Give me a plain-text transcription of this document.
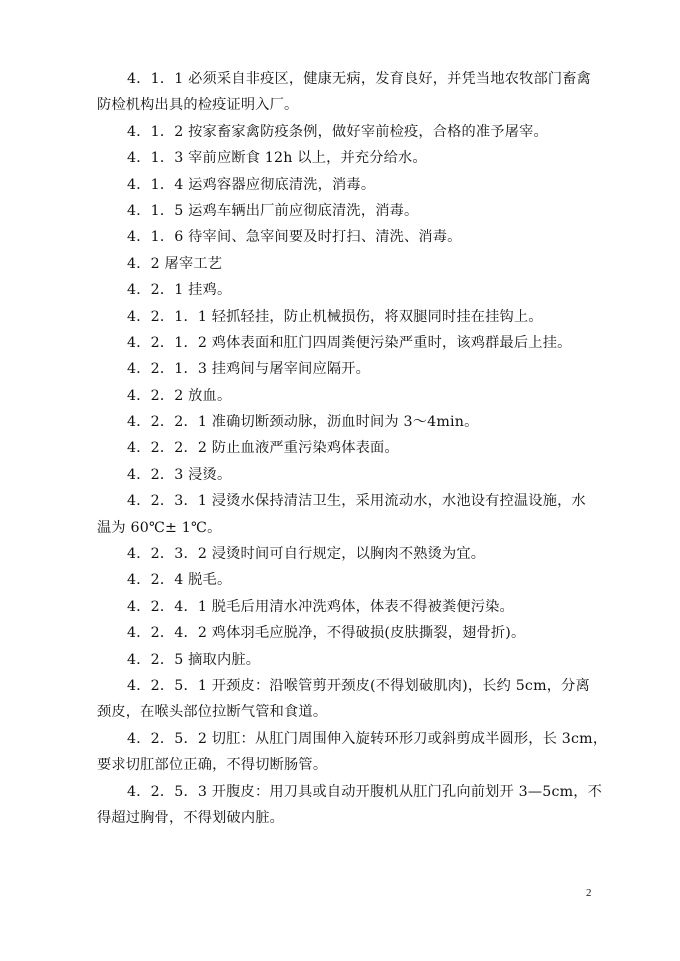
4．1．1 必须采自非疫区，健康无病，发育良好，并凭当地农牧部门畜禽
防检机构出具的检疫证明入厂。
4．1．2 按家畜家禽防疫条例，做好宰前检疫，合格的准予屠宰。
4．1．3 宰前应断食 12h 以上，并充分给水。
4．1．4 运鸡容器应彻底清洗，消毒。
4．1．5 运鸡车辆出厂前应彻底清洗，消毒。
4．1．6 待宰间、急宰间要及时打扫、清洗、消毒。
4．2 屠宰工艺
4．2．1 挂鸡。
4．2．1．1 轻抓轻挂，防止机械损伤，将双腿同时挂在挂钩上。
4．2．1．2 鸡体表面和肛门四周粪便污染严重时，该鸡群最后上挂。
4．2．1．3 挂鸡间与屠宰间应隔开。
4．2．2 放血。
4．2．2．1 准确切断颈动脉，沥血时间为 3～4min。
4．2．2．2 防止血液严重污染鸡体表面。
4．2．3 浸烫。
4．2．3．1 浸烫水保持清洁卫生，采用流动水，水池设有控温设施，水
温为 60℃± 1℃。
4．2．3．2 浸烫时间可自行规定，以胸肉不熟烫为宜。
4．2．4 脱毛。
4．2．4．1 脱毛后用清水冲洗鸡体，体表不得被粪便污染。
4．2．4．2 鸡体羽毛应脱净，不得破损(皮肤撕裂，翅骨折)。
4．2．5 摘取内脏。
4．2．5．1 开颈皮：沿喉管剪开颈皮(不得划破肌肉)，长约 5cm，分离
颈皮，在喉头部位拉断气管和食道。
4．2．5．2 切肛：从肛门周围伸入旋转环形刀或斜剪成半圆形，长 3cm，
要求切肛部位正确，不得切断肠管。
4．2．5．3 开腹皮：用刀具或自动开腹机从肛门孔向前划开 3—5cm，不
得超过胸骨，不得划破内脏。
2
